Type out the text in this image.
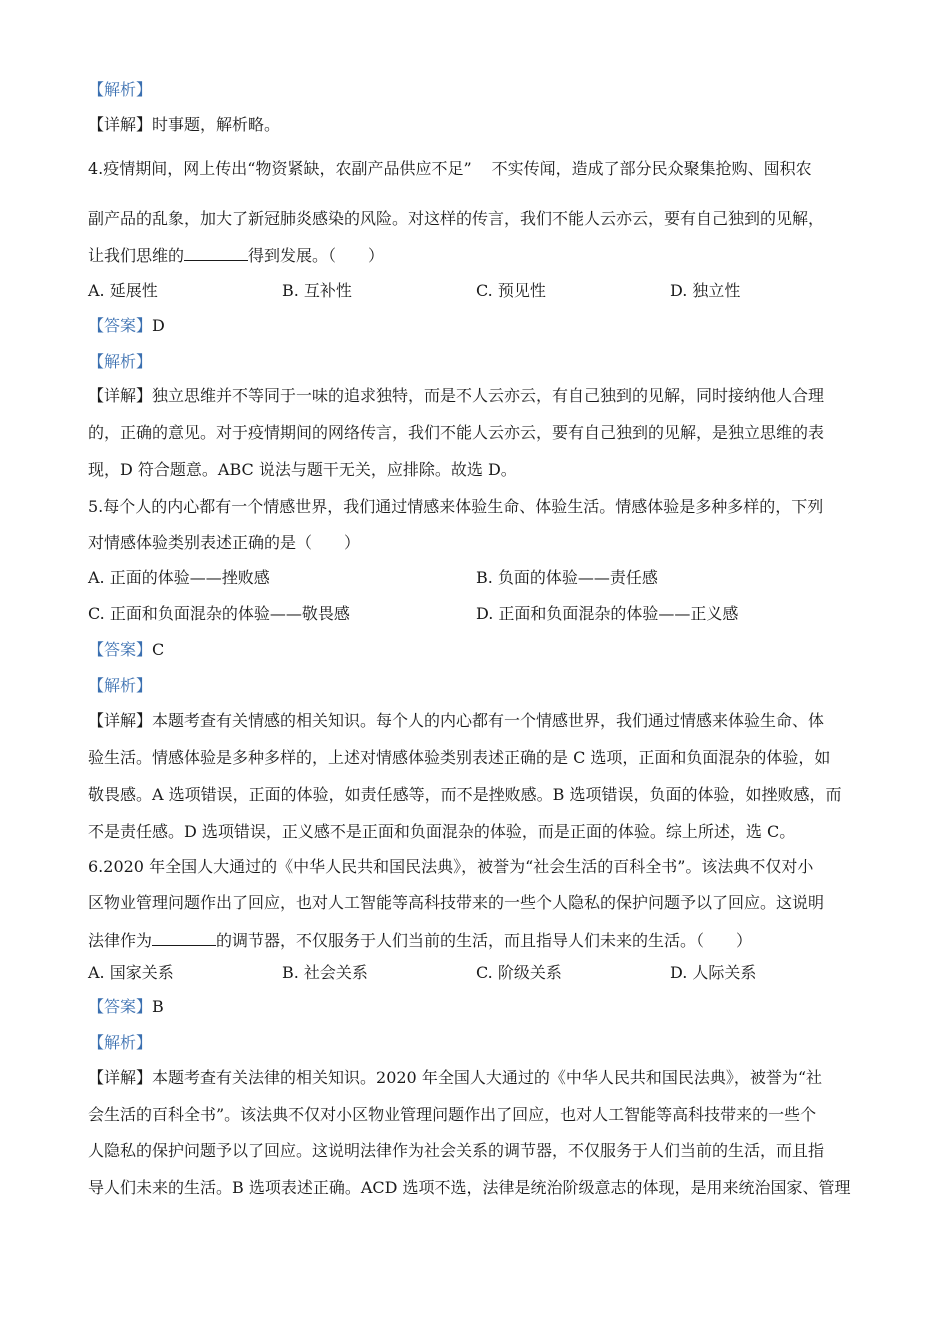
【解析】
【详解】时事题，解析略。
4.疫情期间，网上传出“物资紧缺，农副产品供应不足” 不实传闻，造成了部分民众聚集抢购、囤积农
副产品的乱象，加大了新冠肺炎感染的风险。对这样的传言，我们不能人云亦云，要有自己独到的见解，
让我们思维的	得到发展。（　　）
A. 延展性	B. 互补性	C. 预见性	D. 独立性
【答案】D
【解析】
【详解】独立思维并不等同于一味的追求独特，而是不人云亦云，有自己独到的见解，同时接纳他人合理
的，正确的意见。对于疫情期间的网络传言，我们不能人云亦云，要有自己独到的见解，是独立思维的表
现，D 符合题意。ABC 说法与题干无关，应排除。故选 D。
5.每个人的内心都有一个情感世界，我们通过情感来体验生命、体验生活。情感体验是多种多样的，下列
对情感体验类别表述正确的是（　　）
A. 正面的体验——挫败感	B. 负面的体验——责任感
C. 正面和负面混杂的体验——敬畏感	D. 正面和负面混杂的体验——正义感
【答案】C
【解析】
【详解】本题考查有关情感的相关知识。每个人的内心都有一个情感世界，我们通过情感来体验生命、体
验生活。情感体验是多种多样的，上述对情感体验类别表述正确的是 C 选项，正面和负面混杂的体验，如
敬畏感。A 选项错误，正面的体验，如责任感等，而不是挫败感。B 选项错误，负面的体验，如挫败感，而
不是责任感。D 选项错误，正义感不是正面和负面混杂的体验，而是正面的体验。综上所述，选 C。
6.2020 年全国人大通过的《中华人民共和国民法典》，被誉为“社会生活的百科全书”。该法典不仅对小
区物业管理问题作出了回应，也对人工智能等高科技带来的一些个人隐私的保护问题予以了回应。这说明
法律作为	的调节器，不仅服务于人们当前的生活，而且指导人们未来的生活。（　　）
A. 国家关系	B. 社会关系	C. 阶级关系	D. 人际关系
【答案】B
【解析】
【详解】本题考查有关法律的相关知识。2020 年全国人大通过的《中华人民共和国民法典》，被誉为“社
会生活的百科全书”。该法典不仅对小区物业管理问题作出了回应，也对人工智能等高科技带来的一些个
人隐私的保护问题予以了回应。这说明法律作为社会关系的调节器，不仅服务于人们当前的生活，而且指
导人们未来的生活。B 选项表述正确。ACD 选项不选，法律是统治阶级意志的体现，是用来统治国家、管理
